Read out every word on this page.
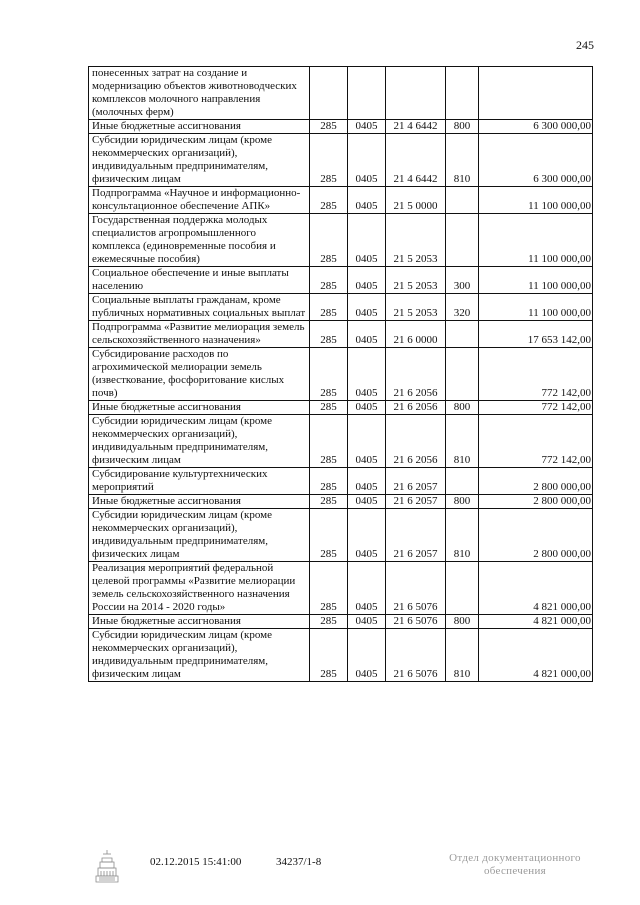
245
понесенных затрат на создание и модернизацию объектов животноводческих комплексов молочного направления (молочных ферм)					
Иные бюджетные ассигнования	285	0405	21 4 6442	800	6 300 000,00
Субсидии юридическим лицам (кроме некоммерческих организаций), индивидуальным предпринимателям, физическим лицам	285	0405	21 4 6442	810	6 300 000,00
Подпрограмма «Научное и информационно-консультационное обеспечение АПК»	285	0405	21 5 0000		11 100 000,00
Государственная поддержка молодых специалистов агропромышленного комплекса (единовременные пособия и ежемесячные пособия)	285	0405	21 5 2053		11 100 000,00
Социальное обеспечение и иные выплаты населению	285	0405	21 5 2053	300	11 100 000,00
Социальные выплаты гражданам, кроме публичных нормативных социальных выплат	285	0405	21 5 2053	320	11 100 000,00
Подпрограмма «Развитие мелиорация земель сельскохозяйственного назначения»	285	0405	21 6 0000		17 653 142,00
Субсидирование расходов по агрохимической мелиорации земель (известкование, фосфоритование кислых почв)	285	0405	21 6 2056		772 142,00
Иные бюджетные ассигнования	285	0405	21 6 2056	800	772 142,00
Субсидии юридическим лицам (кроме некоммерческих организаций), индивидуальным предпринимателям, физическим лицам	285	0405	21 6 2056	810	772 142,00
Субсидирование культуртехнических мероприятий	285	0405	21 6 2057		2 800 000,00
Иные бюджетные ассигнования	285	0405	21 6 2057	800	2 800 000,00
Субсидии юридическим лицам (кроме некоммерческих организаций), индивидуальным предпринимателям, физических лицам	285	0405	21 6 2057	810	2 800 000,00
Реализация мероприятий федеральной целевой программы «Развитие мелиорации земель сельскохозяйственного назначения России на 2014 - 2020 годы»	285	0405	21 6 5076		4 821 000,00
Иные бюджетные ассигнования	285	0405	21 6 5076	800	4 821 000,00
Субсидии юридическим лицам (кроме некоммерческих организаций), индивидуальным предпринимателям, физическим лицам	285	0405	21 6 5076	810	4 821 000,00
02.12.2015 15:41:00	34237/1-8	Отдел документационного
обеспечения
